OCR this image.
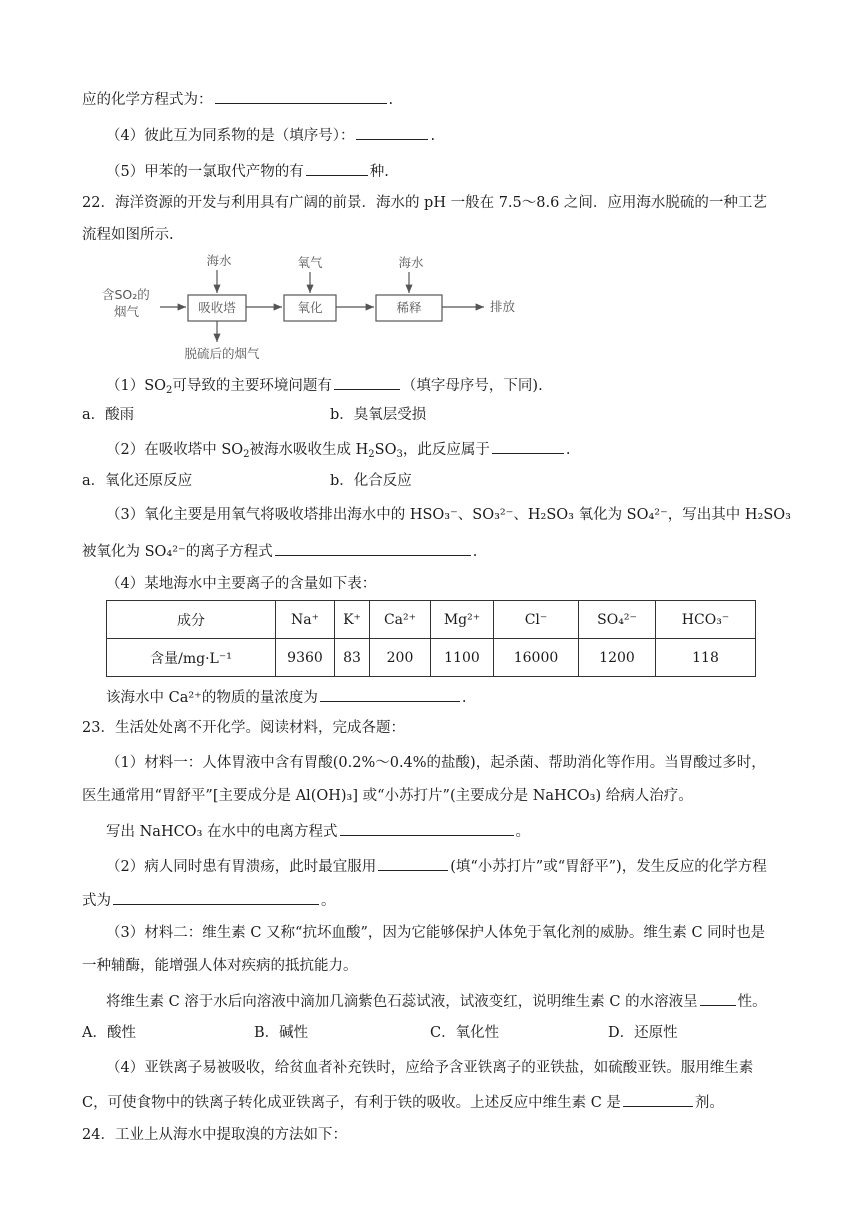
应的化学方程式为：	.
（4）彼此互为同系物的是（填序号）：	.
（5）甲苯的一氯取代产物的有	种.
22．海洋资源的开发与利用具有广阔的前景．海水的 pH 一般在 7.5～8.6 之间．应用海水脱硫的一种工艺
流程如图所示.
含SO₂的
烟气	吸收塔
海水
脱硫后的烟气
氧化
氧气
稀释
海水
排放
$(1)SO_2$可导致的主要环境问题有	（填字母序号，下同).
a．酸雨	b．臭氧层受损
（2）在吸收塔中 $SO_2$被海水吸收生成 $H_2SO_3$，此反应属于	.
a．氧化还原反应	b．化合反应
（3）氧化主要是用氧气将吸收塔排出海水中的 HSO₃⁻、SO₃²⁻、H₂SO₃ 氧化为 SO₄²⁻，写出其中 H₂SO₃
被氧化为 SO₄²⁻的离子方程式	.
（4）某地海水中主要离子的含量如下表：
成分	Na⁺	K⁺	Ca²⁺	Mg²⁺	Cl⁻	SO₄²⁻	HCO₃⁻
含量/mg·L⁻¹	9360	83	200	1100	16000	1200	118
该海水中 Ca²⁺的物质的量浓度为	.
23．生活处处离不开化学。阅读材料，完成各题：
（1）材料一：人体胃液中含有胃酸(0.2%～0.4%的盐酸)，起杀菌、帮助消化等作用。当胃酸过多时，
医生通常用“胃舒平”[主要成分是 Al(OH)₃] 或“小苏打片”(主要成分是 NaHCO₃) 给病人治疗。
写出 NaHCO₃ 在水中的电离方程式	。
（2）病人同时患有胃溃疡，此时最宜服用	(填“小苏打片”或“胃舒平”)，发生反应的化学方程
式为	。
（3）材料二：维生素 C 又称“抗坏血酸”，因为它能够保护人体免于氧化剂的威胁。维生素 C 同时也是
一种辅酶，能增强人体对疾病的抵抗能力。
将维生素 C 溶于水后向溶液中滴加几滴紫色石蕊试液，试液变红，说明维生素 C 的水溶液呈	性。
A．酸性	B．碱性	C．氧化性	D．还原性
（4）亚铁离子易被吸收，给贫血者补充铁时，应给予含亚铁离子的亚铁盐，如硫酸亚铁。服用维生素
C，可使食物中的铁离子转化成亚铁离子，有利于铁的吸收。上述反应中维生素 C 是	剂。
24．工业上从海水中提取溴的方法如下：
